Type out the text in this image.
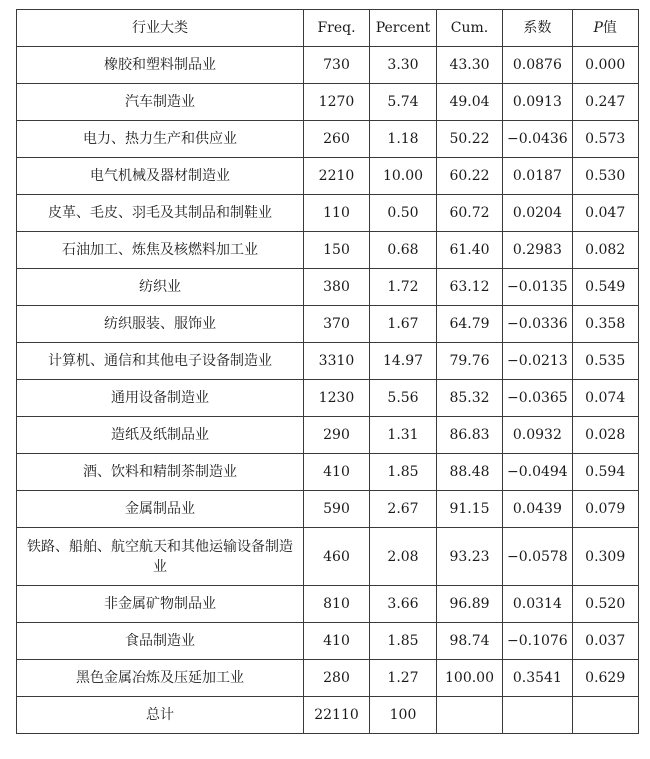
行业大类	Freq.	Percent	Cum.	系数	P值
橡胶和塑料制品业	730	3.30	43.30	0.0876	0.000
汽车制造业	1270	5.74	49.04	0.0913	0.247
电力、热力生产和供应业	260	1.18	50.22	−0.0436	0.573
电气机械及器材制造业	2210	10.00	60.22	0.0187	0.530
皮革、毛皮、羽毛及其制品和制鞋业	110	0.50	60.72	0.0204	0.047
石油加工、炼焦及核燃料加工业	150	0.68	61.40	0.2983	0.082
纺织业	380	1.72	63.12	−0.0135	0.549
纺织服装、服饰业	370	1.67	64.79	−0.0336	0.358
计算机、通信和其他电子设备制造业	3310	14.97	79.76	−0.0213	0.535
通用设备制造业	1230	5.56	85.32	−0.0365	0.074
造纸及纸制品业	290	1.31	86.83	0.0932	0.028
酒、饮料和精制茶制造业	410	1.85	88.48	−0.0494	0.594
金属制品业	590	2.67	91.15	0.0439	0.079
铁路、船舶、航空航天和其他运输设备制造业	460	2.08	93.23	−0.0578	0.309
非金属矿物制品业	810	3.66	96.89	0.0314	0.520
食品制造业	410	1.85	98.74	−0.1076	0.037
黑色金属冶炼及压延加工业	280	1.27	100.00	0.3541	0.629
总计	22110	100			
